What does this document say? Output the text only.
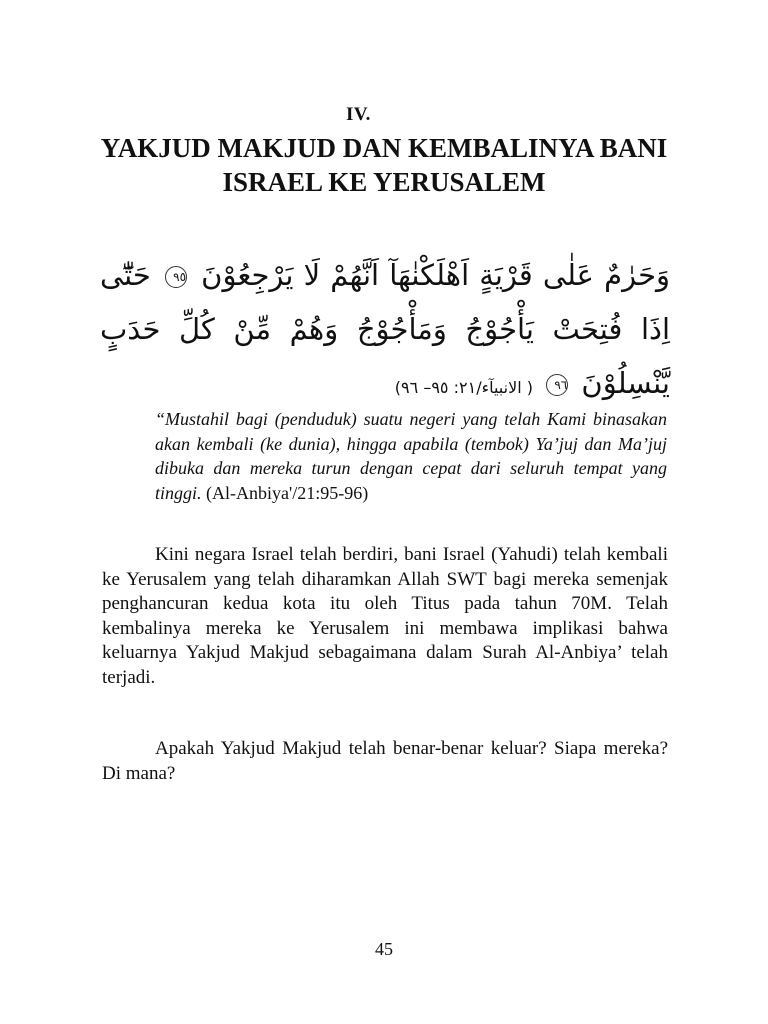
IV.
YAKJUD MAKJUD DAN KEMBALINYA BANI ISRAEL KE YERUSALEM
وَحَرٰمٌ عَلٰى قَرْيَةٍ اَهْلَكْنٰهَآ اَنَّهُمْ لَا يَرْجِعُوْنَ ٩٥ حَتّٰٓى اِذَا فُتِحَتْ يَأْجُوْجُ وَمَأْجُوْجُ وَهُمْ مِّنْ كُلِّ حَدَبٍ يَّنْسِلُوْنَ ٩٦ ( الانبيآء/٢١: ٩٥– ٩٦)

“Mustahil bagi (penduduk) suatu negeri yang telah Kami binasakan akan kembali (ke dunia), hingga apabila (tembok) Ya’juj dan Ma’juj dibuka dan mereka turun dengan cepat dari seluruh tempat yang tinggi. (Al-Anbiya'/21:95-96)

Kini negara Israel telah berdiri, bani Israel (Yahudi) telah kembali ke Yerusalem yang telah diharamkan Allah SWT bagi mereka semenjak penghancuran kedua kota itu oleh Titus pada tahun 70M. Telah kembalinya mereka ke Yerusalem ini membawa implikasi bahwa keluarnya Yakjud Makjud sebagaimana dalam Surah Al-Anbiya’ telah terjadi.

Apakah Yakjud Makjud telah benar-benar keluar? Siapa mereka? Di mana?

45
